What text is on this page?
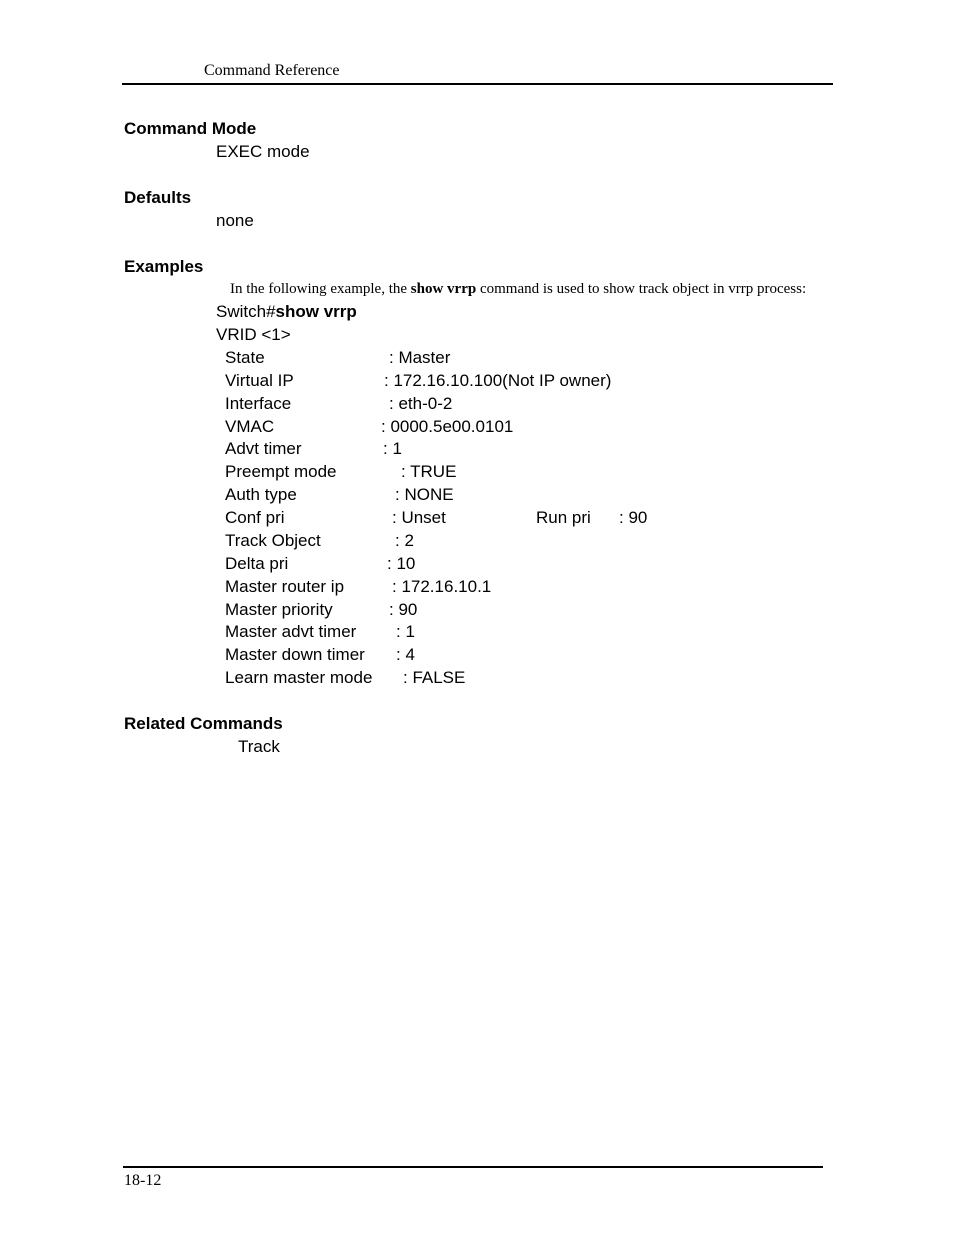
Command Reference
Command Mode
EXEC mode
Defaults
none
Examples
In the following example, the show vrrp command is used to show track object in vrrp process:
Switch#show vrrp
VRID <1>
State	: Master
Virtual IP	: 172.16.10.100(Not IP owner)
Interface	: eth-0-2
VMAC	: 0000.5e00.0101
Advt timer	: 1
Preempt mode	: TRUE
Auth type	: NONE
Conf pri	: Unset	Run pri : 90
Track Object	: 2
Delta pri	: 10
Master router ip	: 172.16.10.1
Master priority	: 90
Master advt timer : 1
Master down timer : 4
Learn master mode : FALSE
Related Commands
Track
18-12
